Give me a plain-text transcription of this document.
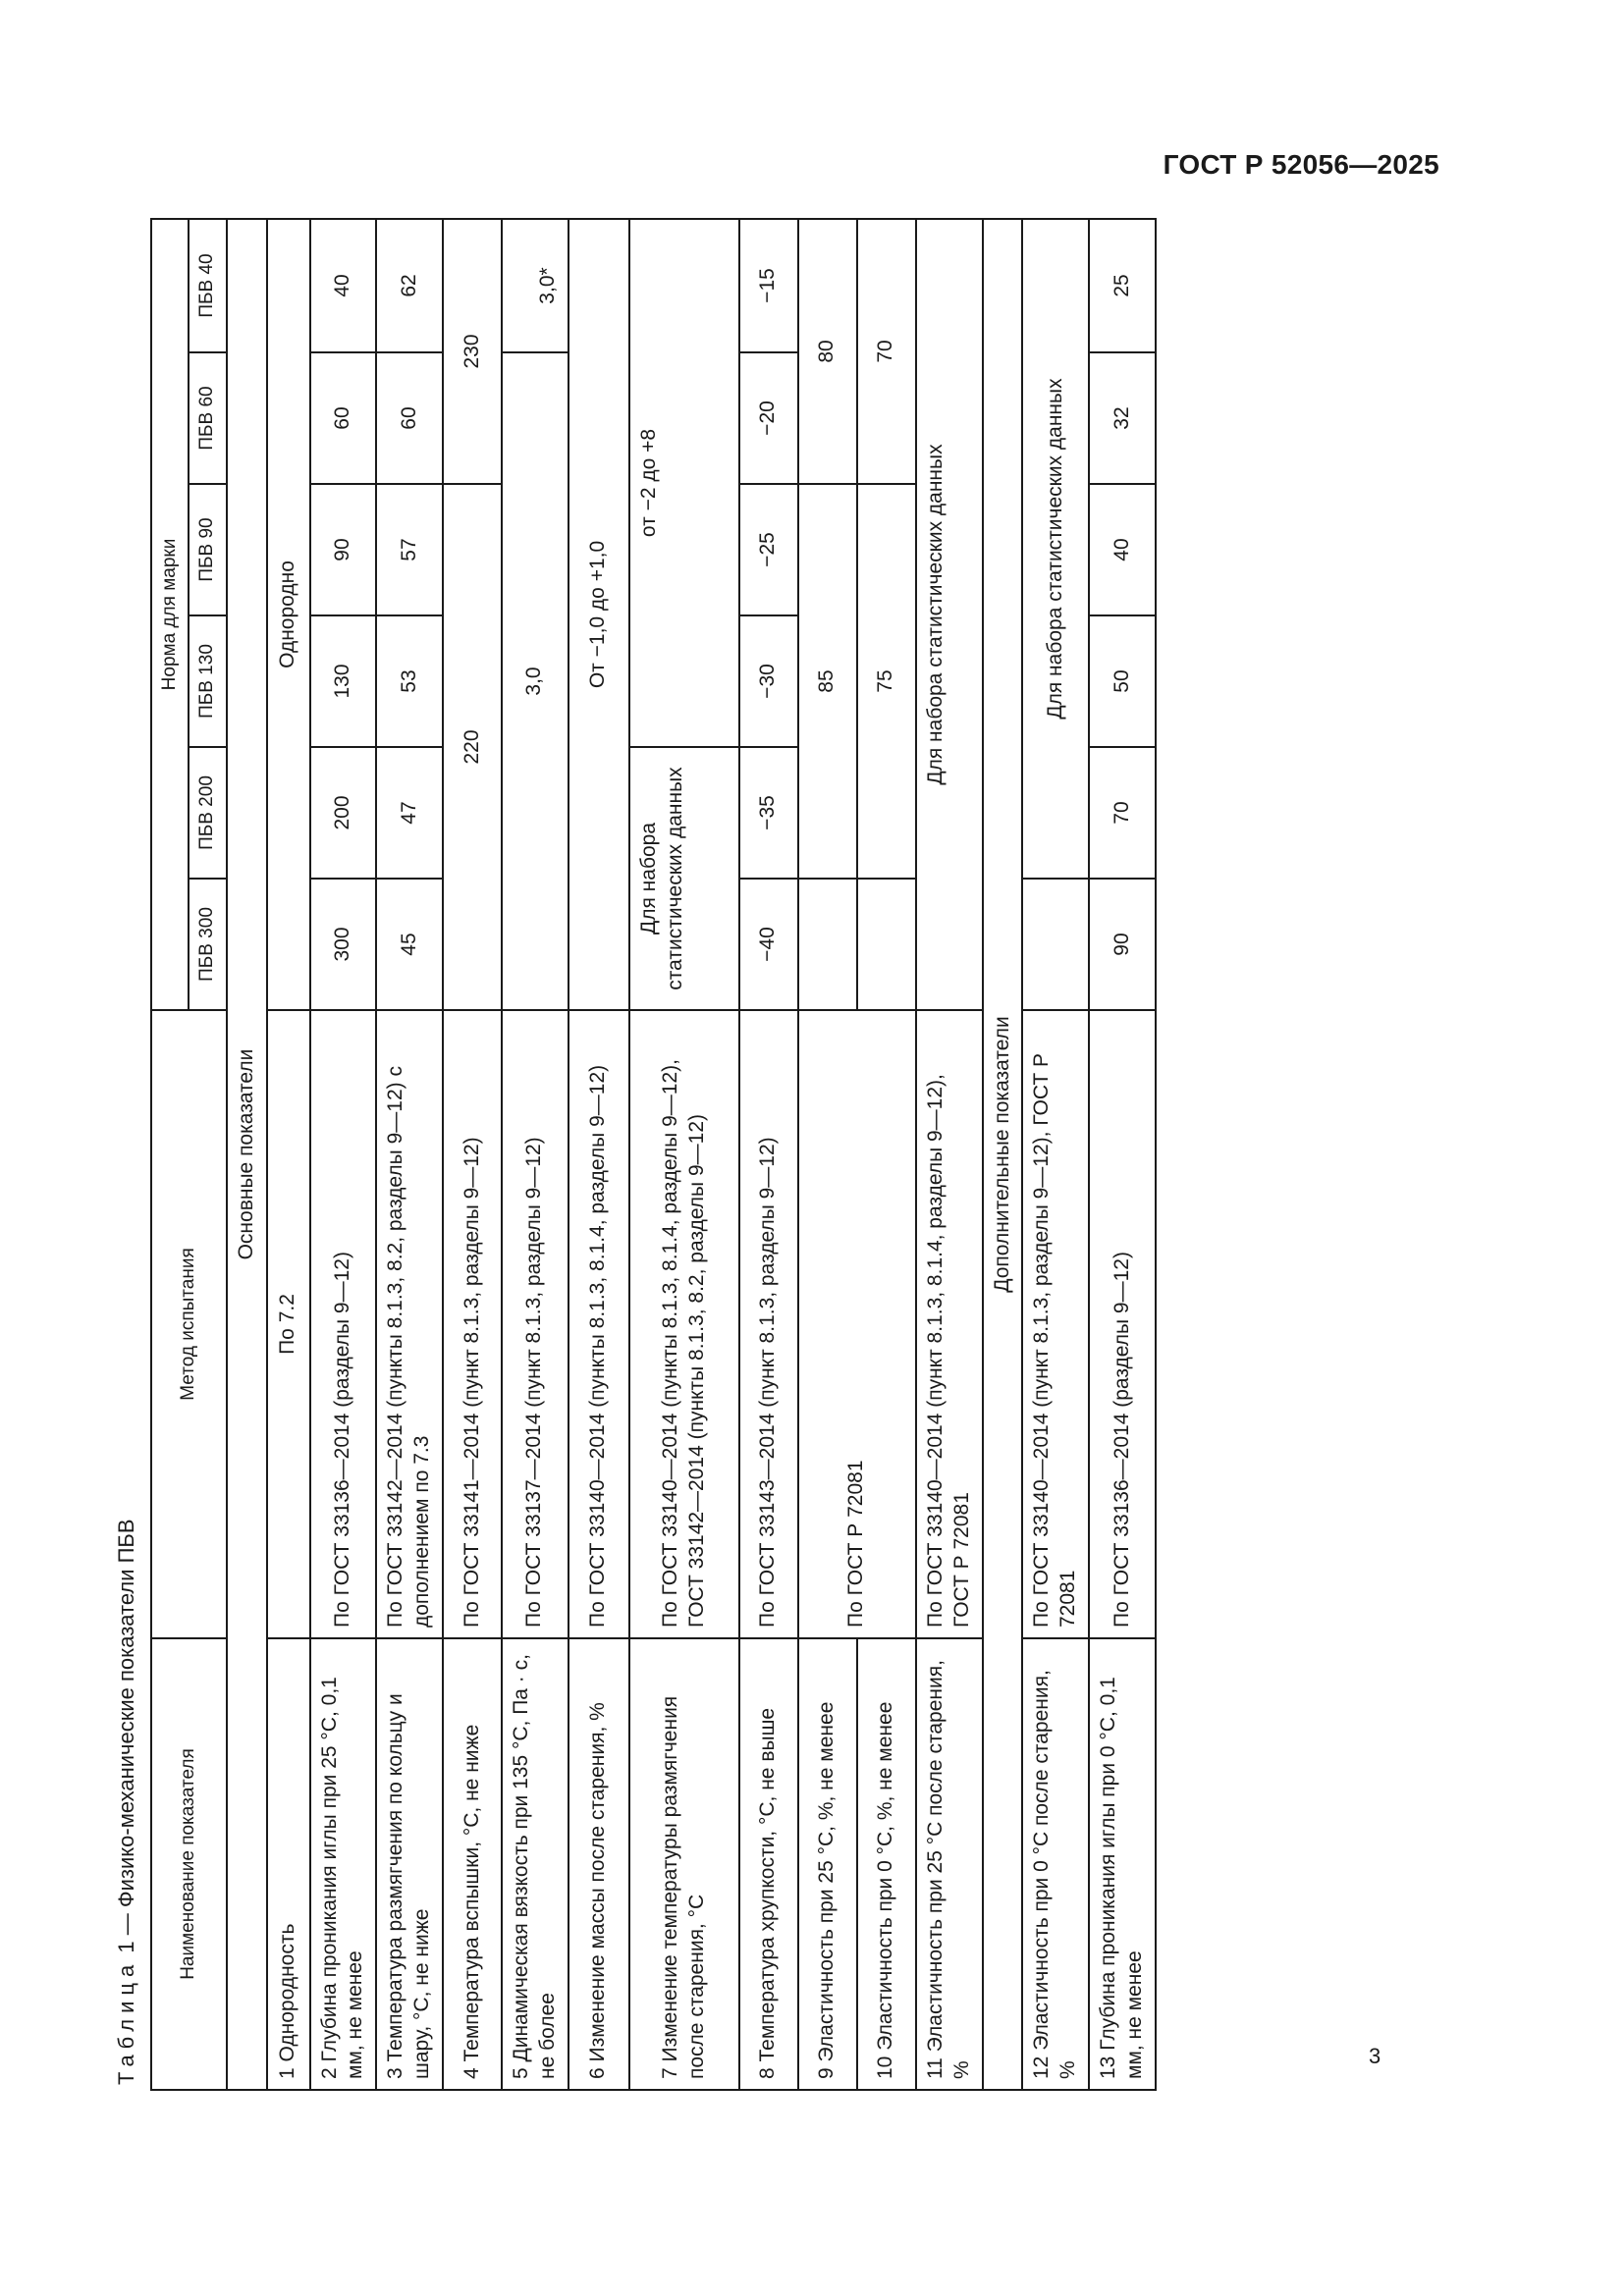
ГОСТ Р 52056—2025
3
Таблица 1 — Физико-механические показатели ПБВ	Наименование показателя	Метод испытания	Норма для марки					
		ПБВ 300	ПБВ 200	ПБВ 130	ПБВ 90	ПБВ 60	ПБВ 40
Основные показатели							
1 Однородность	По 7.2	Однородно					
2 Глубина проникания иглы при 25 °С, 0,1 мм, не менее	По ГОСТ 33136—2014 (разделы 9—12)	300	200	130	90	60	40
3 Температура размягчения по кольцу и шару, °С, не ниже	По ГОСТ 33142—2014 (пункты 8.1.3, 8.2, разделы 9—12) с дополнением по 7.3	45	47	53	57	60	62
4 Температура вспышки, °С, не ниже	По ГОСТ 33141—2014 (пункт 8.1.3, разделы 9—12)	220				230	
5 Динамическая вязкость при 135 °С, Па · с, не более	По ГОСТ 33137—2014 (пункт 8.1.3, разделы 9—12)	3,0					3,0*
6 Изменение массы после старения, %	По ГОСТ 33140—2014 (пункты 8.1.3, 8.1.4, разделы 9—12)	От −1,0 до +1,0					
7 Изменение температуры размягчения после старения, °С	По ГОСТ 33140—2014 (пункты 8.1.3, 8.1.4, разделы 9—12), ГОСТ 33142—2014 (пункты 8.1.3, 8.2, разделы 9—12)	Для набора статистических данных		от −2 до +8			
8 Температура хрупкости, °С, не выше	По ГОСТ 33143—2014 (пункт 8.1.3, разделы 9—12)	−40	−35	−30	−25	−20	−15
9 Эластичность при 25 °С, %, не менее	По ГОСТ Р 72081		85			80	
10 Эластичность при 0 °С, %, не менее			75			70	
11 Эластичность при 25 °С после старения, %	По ГОСТ 33140—2014 (пункт 8.1.3, 8.1.4, разделы 9—12), ГОСТ Р 72081	Для набора статистических данных					
Дополнительные показатели							
12 Эластичность при 0 °С после старения, %	По ГОСТ 33140—2014 (пункт 8.1.3, разделы 9—12), ГОСТ Р 72081		Для набора статистических данных				
13 Глубина проникания иглы при 0 °С, 0,1 мм, не менее	По ГОСТ 33136—2014 (разделы 9—12)	90	70	50	40	32	25
